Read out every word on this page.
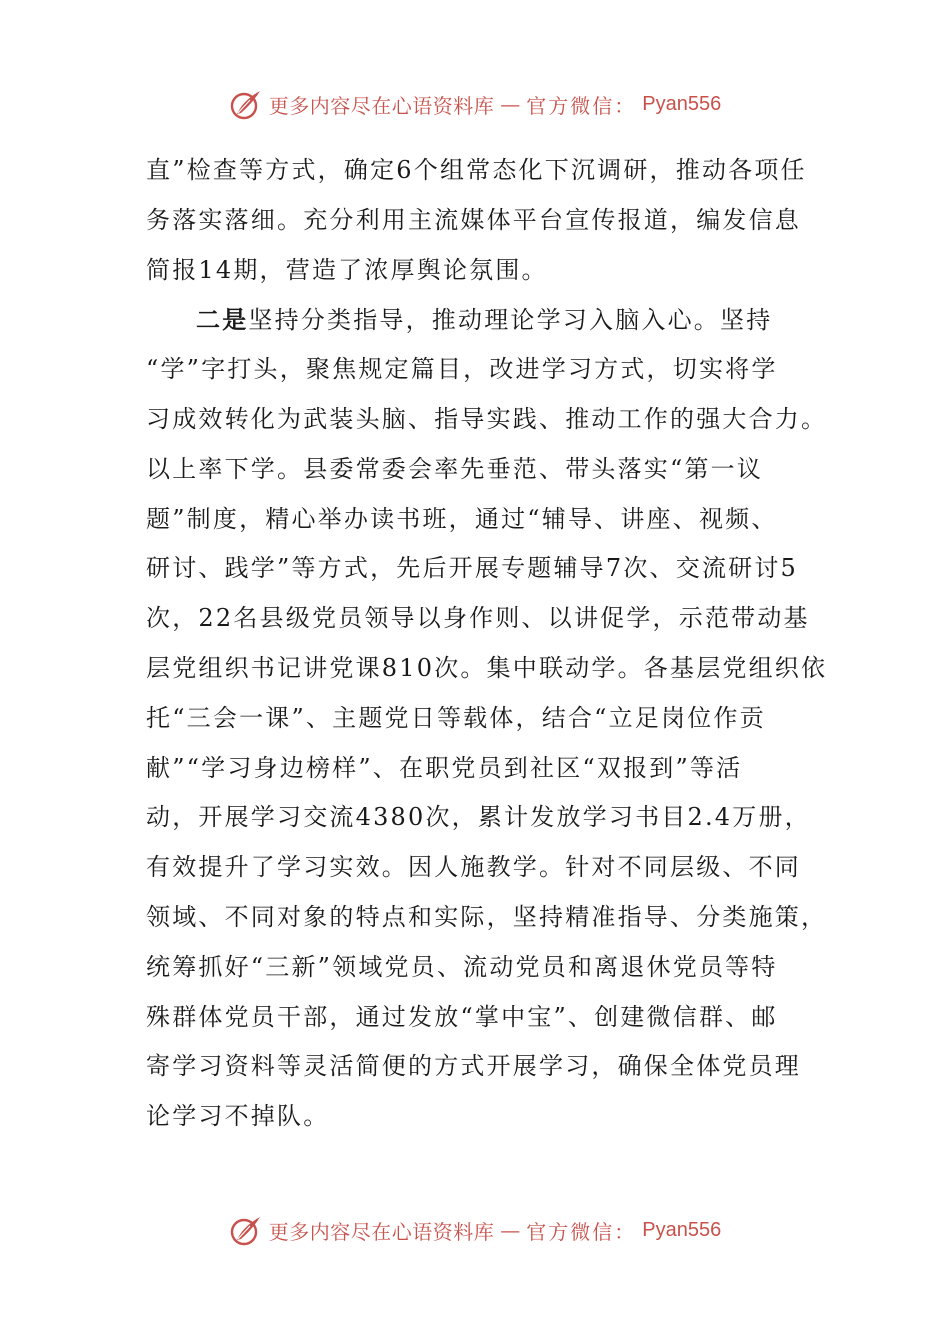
更多内容尽在心语资料库 — 官方微信： Pyan556
直”检查等方式，确定6个组常态化下沉调研，推动各项任
务落实落细。充分利用主流媒体平台宣传报道，编发信息
简报14期，营造了浓厚舆论氛围。
二是坚持分类指导，推动理论学习入脑入心。坚持
“学”字打头，聚焦规定篇目，改进学习方式，切实将学
习成效转化为武装头脑、指导实践、推动工作的强大合力。
以上率下学。县委常委会率先垂范、带头落实“第一议
题”制度，精心举办读书班，通过“辅导、讲座、视频、
研讨、践学”等方式，先后开展专题辅导7次、交流研讨5
次，22名县级党员领导以身作则、以讲促学，示范带动基
层党组织书记讲党课810次。集中联动学。各基层党组织依
托“三会一课”、主题党日等载体，结合“立足岗位作贡
献”“学习身边榜样”、在职党员到社区“双报到”等活
动，开展学习交流4380次，累计发放学习书目2.4万册，
有效提升了学习实效。因人施教学。针对不同层级、不同
领域、不同对象的特点和实际，坚持精准指导、分类施策，
统筹抓好“三新”领域党员、流动党员和离退休党员等特
殊群体党员干部，通过发放“掌中宝”、创建微信群、邮
寄学习资料等灵活简便的方式开展学习，确保全体党员理
论学习不掉队。
更多内容尽在心语资料库 — 官方微信： Pyan556
